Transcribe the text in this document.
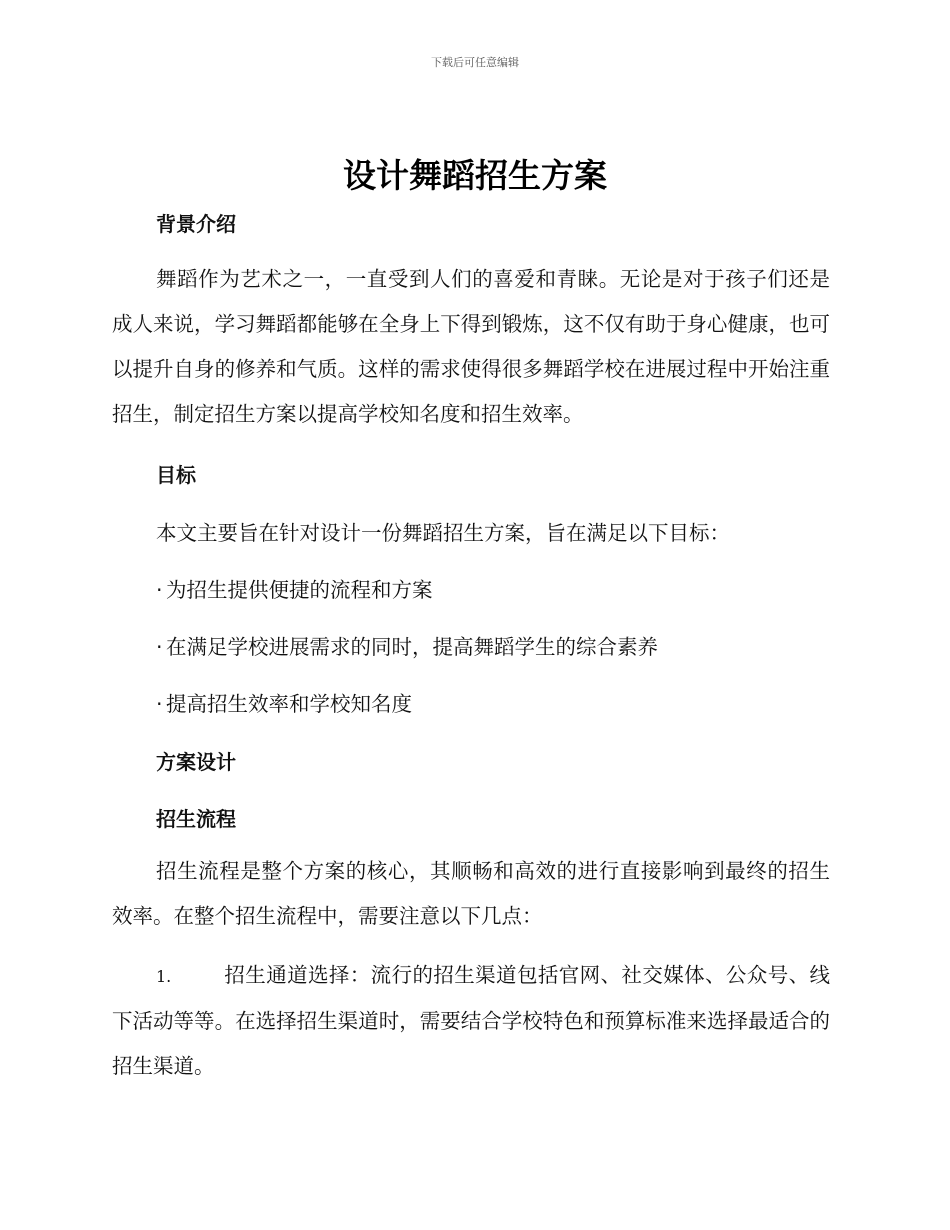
下载后可任意编辑
设计舞蹈招生方案
背景介绍

舞蹈作为艺术之一，一直受到人们的喜爱和青睐。无论是对于孩子们还是成人来说，学习舞蹈都能够在全身上下得到锻炼，这不仅有助于身心健康，也可以提升自身的修养和气质。这样的需求使得很多舞蹈学校在进展过程中开始注重招生，制定招生方案以提高学校知名度和招生效率。

目标

本文主要旨在针对设计一份舞蹈招生方案，旨在满足以下目标：

· 为招生提供便捷的流程和方案

· 在满足学校进展需求的同时，提高舞蹈学生的综合素养

· 提高招生效率和学校知名度

方案设计
招生流程

招生流程是整个方案的核心，其顺畅和高效的进行直接影响到最终的招生效率。在整个招生流程中，需要注意以下几点：

1.	招生通道选择：流行的招生渠道包括官网、社交媒体、公众号、线下活动等等。在选择招生渠道时，需要结合学校特色和预算标准来选择最适合的招生渠道。
